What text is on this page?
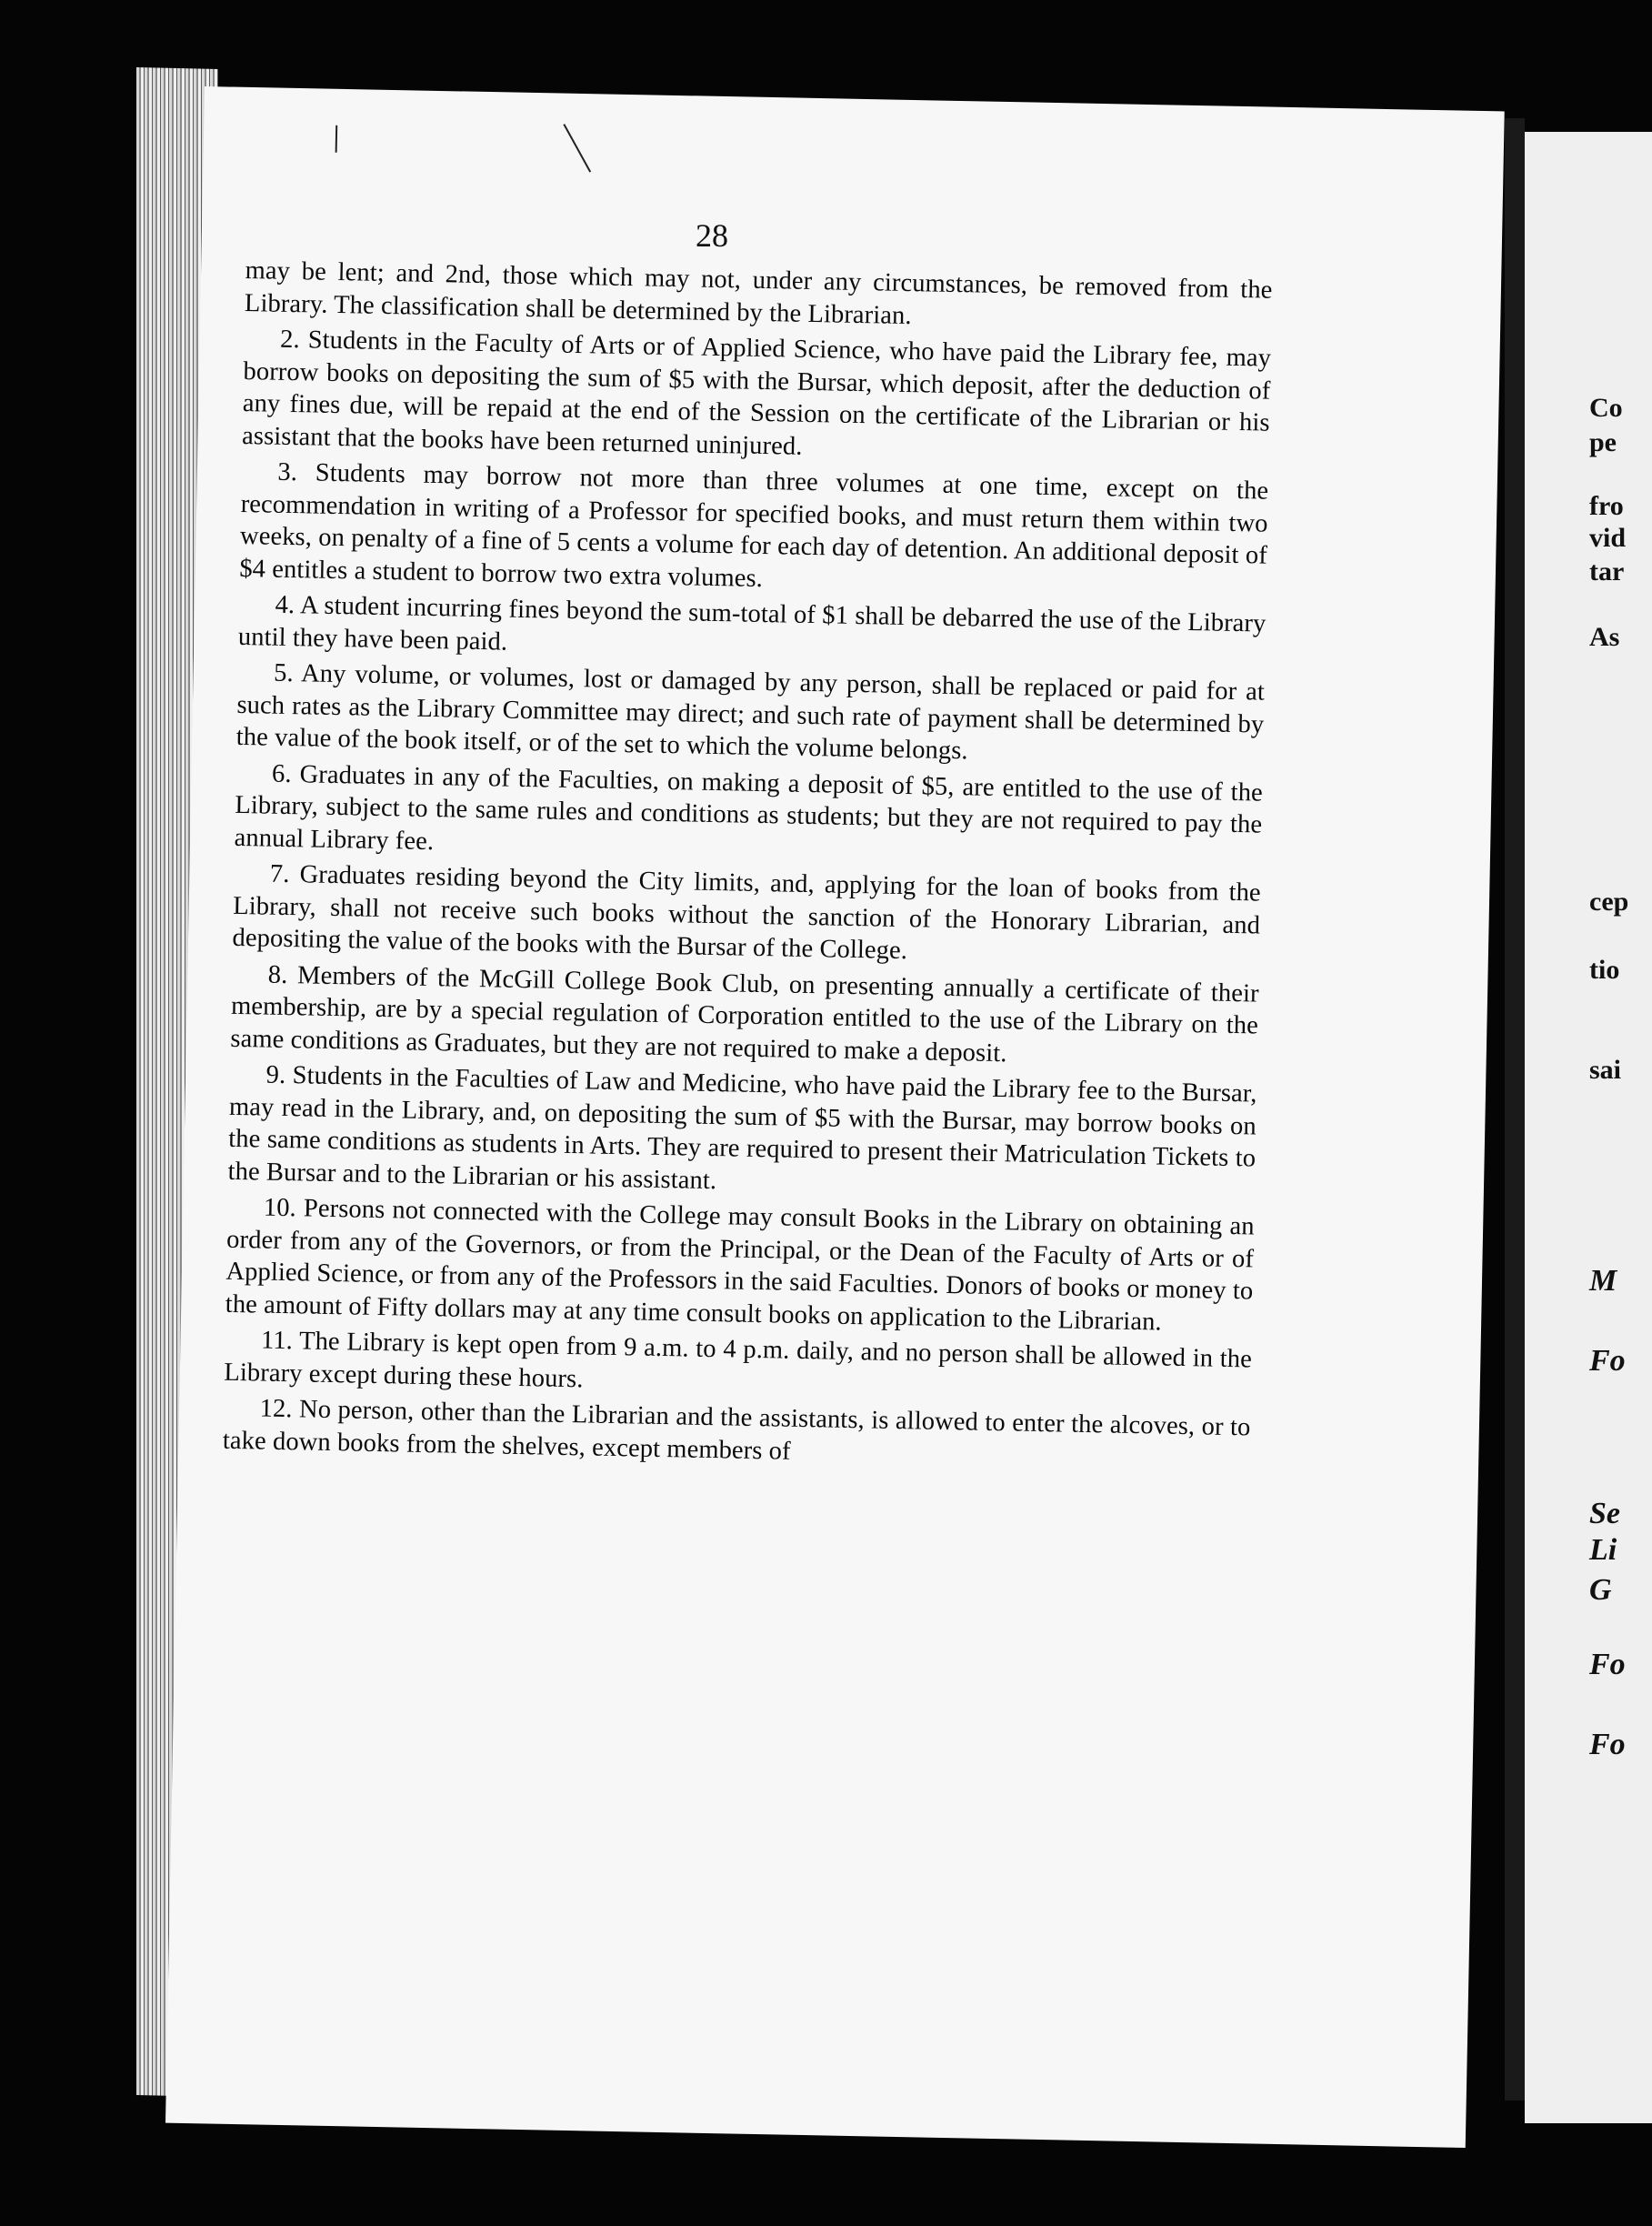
Co
pe
fro
vid
tar
As
cep
tio
sai
M
Fo
Se
Li
G
Fo
Fo
28

may be lent; and 2nd, those which may not, under any circumstances, be removed from the Library. The classification shall be determined by the Librarian.

2. Students in the Faculty of Arts or of Applied Science, who have paid the Library fee, may borrow books on depositing the sum of $5 with the Bursar, which deposit, after the deduction of any fines due, will be repaid at the end of the Session on the certificate of the Librarian or his assistant that the books have been returned uninjured.

3. Students may borrow not more than three volumes at one time, except on the recommendation in writing of a Professor for specified books, and must return them within two weeks, on penalty of a fine of 5 cents a volume for each day of detention. An additional deposit of $4 entitles a student to borrow two extra volumes.

4. A student incurring fines beyond the sum-total of $1 shall be debarred the use of the Library until they have been paid.

5. Any volume, or volumes, lost or damaged by any person, shall be replaced or paid for at such rates as the Library Committee may direct; and such rate of payment shall be determined by the value of the book itself, or of the set to which the volume belongs.

6. Graduates in any of the Faculties, on making a deposit of $5, are entitled to the use of the Library, subject to the same rules and conditions as students; but they are not required to pay the annual Library fee.

7. Graduates residing beyond the City limits, and, applying for the loan of books from the Library, shall not receive such books without the sanction of the Honorary Librarian, and depositing the value of the books with the Bursar of the College.

8. Members of the McGill College Book Club, on presenting annually a certificate of their membership, are by a special regulation of Corporation entitled to the use of the Library on the same conditions as Graduates, but they are not required to make a deposit.

9. Students in the Faculties of Law and Medicine, who have paid the Library fee to the Bursar, may read in the Library, and, on depositing the sum of $5 with the Bursar, may borrow books on the same conditions as students in Arts. They are required to present their Matriculation Tickets to the Bursar and to the Librarian or his assistant.

10. Persons not connected with the College may consult Books in the Library on obtaining an order from any of the Governors, or from the Principal, or the Dean of the Faculty of Arts or of Applied Science, or from any of the Professors in the said Faculties. Donors of books or money to the amount of Fifty dollars may at any time consult books on application to the Librarian.

11. The Library is kept open from 9 a.m. to 4 p.m. daily, and no person shall be allowed in the Library except during these hours.

12. No person, other than the Librarian and the assistants, is allowed to enter the alcoves, or to take down books from the shelves, except members of
